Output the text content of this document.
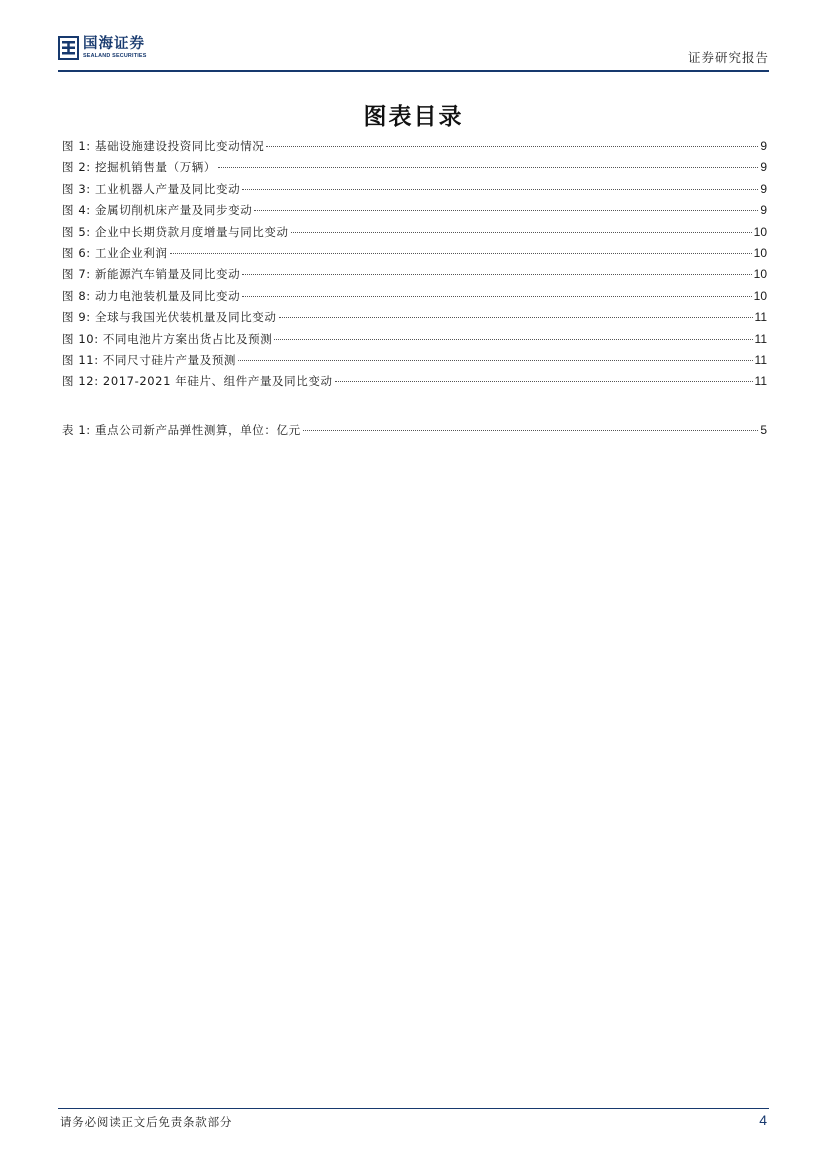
国海证券
SEALAND SECURITIES	证券研究报告
图表目录
图 1: 基础设施建设投资同比变动情况	9
图 2: 挖掘机销售量（万辆）	9
图 3: 工业机器人产量及同比变动	9
图 4: 金属切削机床产量及同步变动	9
图 5: 企业中长期贷款月度增量与同比变动	10
图 6: 工业企业利润	10
图 7: 新能源汽车销量及同比变动	10
图 8: 动力电池装机量及同比变动	10
图 9: 全球与我国光伏装机量及同比变动	11
图 10: 不同电池片方案出货占比及预测	11
图 11: 不同尺寸硅片产量及预测	11
图 12: 2017-2021 年硅片、组件产量及同比变动	11
表 1: 重点公司新产品弹性测算，单位：亿元	5
请务必阅读正文后免责条款部分	4
